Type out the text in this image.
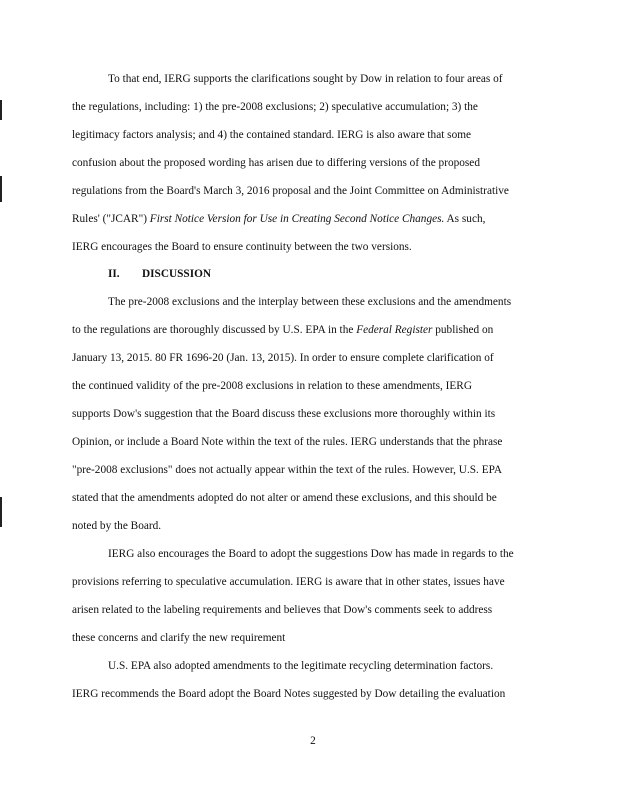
To that end, IERG supports the clarifications sought by Dow in relation to four areas of
the regulations, including: 1) the pre-2008 exclusions; 2) speculative accumulation; 3) the
legitimacy factors analysis; and 4) the contained standard. IERG is also aware that some
confusion about the proposed wording has arisen due to differing versions of the proposed
regulations from the Board's March 3, 2016 proposal and the Joint Committee on Administrative
Rules' ("JCAR") First Notice Version for Use in Creating Second Notice Changes. As such,
IERG encourages the Board to ensure continuity between the two versions.
II. DISCUSSION
The pre-2008 exclusions and the interplay between these exclusions and the amendments
to the regulations are thoroughly discussed by U.S. EPA in the Federal Register published on
January 13, 2015. 80 FR 1696-20 (Jan. 13, 2015). In order to ensure complete clarification of
the continued validity of the pre-2008 exclusions in relation to these amendments, IERG
supports Dow's suggestion that the Board discuss these exclusions more thoroughly within its
Opinion, or include a Board Note within the text of the rules. IERG understands that the phrase
"pre-2008 exclusions" does not actually appear within the text of the rules. However, U.S. EPA
stated that the amendments adopted do not alter or amend these exclusions, and this should be
noted by the Board.
IERG also encourages the Board to adopt the suggestions Dow has made in regards to the
provisions referring to speculative accumulation. IERG is aware that in other states, issues have
arisen related to the labeling requirements and believes that Dow's comments seek to address
these concerns and clarify the new requirement
U.S. EPA also adopted amendments to the legitimate recycling determination factors.
IERG recommends the Board adopt the Board Notes suggested by Dow detailing the evaluation
2
